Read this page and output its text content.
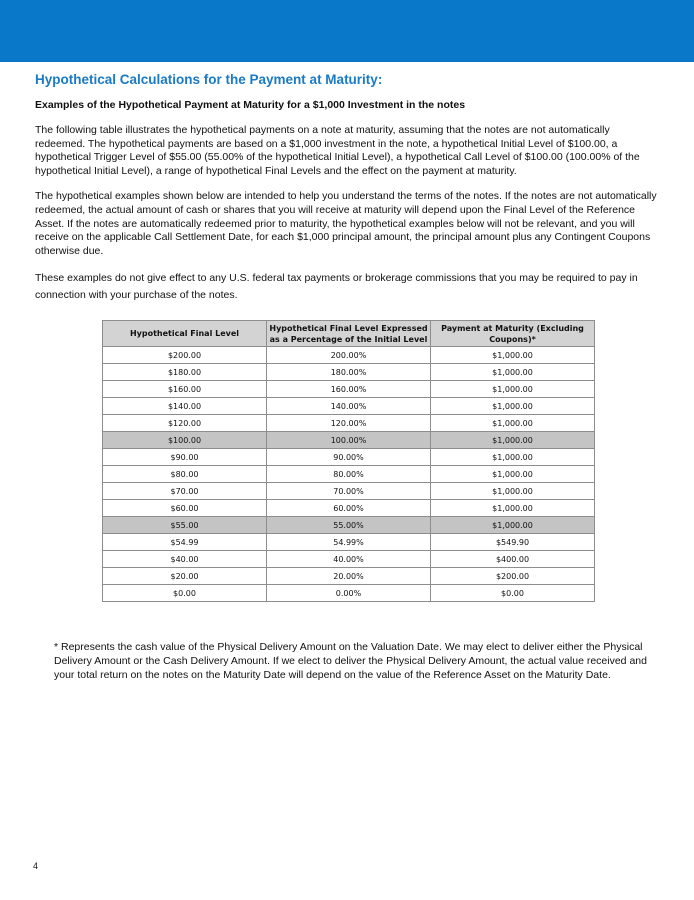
Hypothetical Calculations for the Payment at Maturity:
Examples of the Hypothetical Payment at Maturity for a $1,000 Investment in the notes

The following table illustrates the hypothetical payments on a note at maturity, assuming that the notes are not automatically redeemed. The hypothetical payments are based on a $1,000 investment in the note, a hypothetical Initial Level of $100.00, a hypothetical Trigger Level of $55.00 (55.00% of the hypothetical Initial Level), a hypothetical Call Level of $100.00 (100.00% of the hypothetical Initial Level), a range of hypothetical Final Levels and the effect on the payment at maturity.

The hypothetical examples shown below are intended to help you understand the terms of the notes. If the notes are not automatically redeemed, the actual amount of cash or shares that you will receive at maturity will depend upon the Final Level of the Reference Asset. If the notes are automatically redeemed prior to maturity, the hypothetical examples below will not be relevant, and you will receive on the applicable Call Settlement Date, for each $1,000 principal amount, the principal amount plus any Contingent Coupons otherwise due.

These examples do not give effect to any U.S. federal tax payments or brokerage commissions that you may be required to pay in connection with your purchase of the notes.

Hypothetical Final Level	Hypothetical Final Level Expressed as a Percentage of the Initial Level	Payment at Maturity (Excluding Coupons)*
$200.00	200.00%	$1,000.00
$180.00	180.00%	$1,000.00
$160.00	160.00%	$1,000.00
$140.00	140.00%	$1,000.00
$120.00	120.00%	$1,000.00
$100.00	100.00%	$1,000.00
$90.00	90.00%	$1,000.00
$80.00	80.00%	$1,000.00
$70.00	70.00%	$1,000.00
$60.00	60.00%	$1,000.00
$55.00	55.00%	$1,000.00
$54.99	54.99%	$549.90
$40.00	40.00%	$400.00
$20.00	20.00%	$200.00
$0.00	0.00%	$0.00

* Represents the cash value of the Physical Delivery Amount on the Valuation Date. We may elect to deliver either the Physical Delivery Amount or the Cash Delivery Amount. If we elect to deliver the Physical Delivery Amount, the actual value received and your total return on the notes on the Maturity Date will depend on the value of the Reference Asset on the Maturity Date.

4
